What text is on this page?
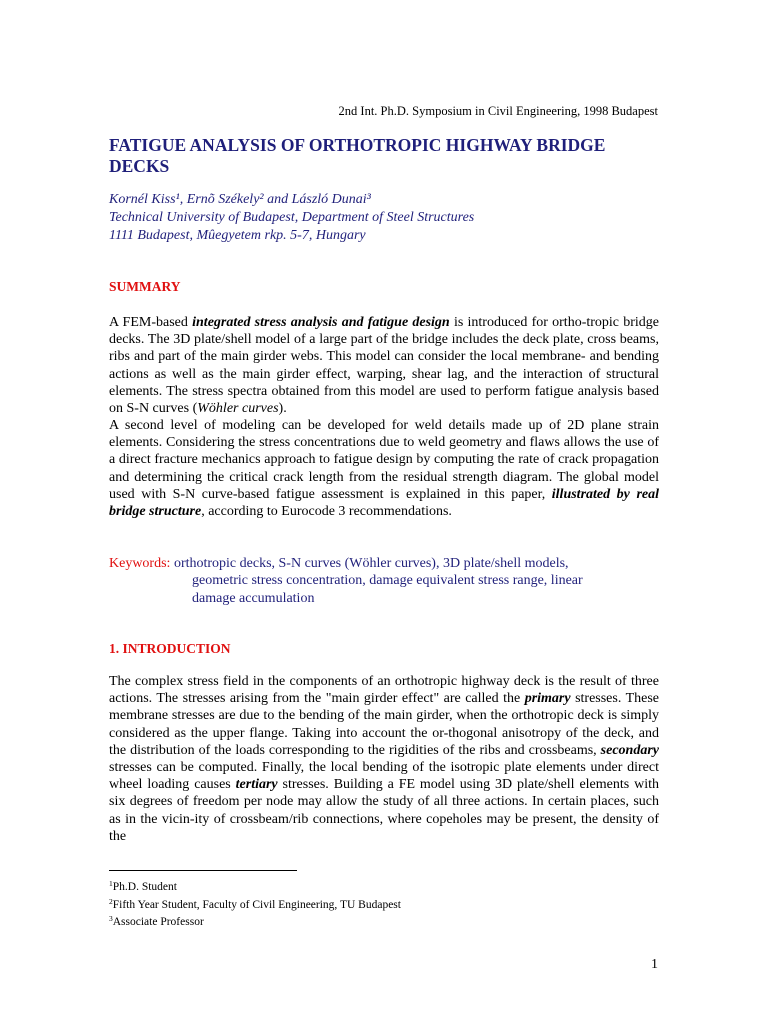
2nd Int. Ph.D. Symposium in Civil Engineering, 1998 Budapest
FATIGUE ANALYSIS OF ORTHOTROPIC HIGHWAY BRIDGE DECKS
Kornél Kiss¹, Ernõ Székely² and László Dunai³
Technical University of Budapest, Department of Steel Structures
1111 Budapest, Mûegyetem rkp. 5-7, Hungary
SUMMARY

A FEM-based integrated stress analysis and fatigue design is introduced for ortho-tropic bridge decks. The 3D plate/shell model of a large part of the bridge includes the deck plate, cross beams, ribs and part of the main girder webs. This model can consider the local membrane- and bending actions as well as the main girder effect, warping, shear lag, and the interaction of structural elements. The stress spectra obtained from this model are used to perform fatigue analysis based on S-N curves (Wöhler curves).

A second level of modeling can be developed for weld details made up of 2D plane strain elements. Considering the stress concentrations due to weld geometry and flaws allows the use of a direct fracture mechanics approach to fatigue design by computing the rate of crack propagation and determining the critical crack length from the residual strength diagram. The global model used with S-N curve-based fatigue assessment is explained in this paper, illustrated by real bridge structure, according to Eurocode 3 recommendations.

Keywords: orthotropic decks, S-N curves (Wöhler curves), 3D plate/shell models,
geometric stress concentration, damage equivalent stress range, linear
damage accumulation
1. INTRODUCTION

The complex stress field in the components of an orthotropic highway deck is the result of three actions. The stresses arising from the "main girder effect" are called the primary stresses. These membrane stresses are due to the bending of the main girder, when the orthotropic deck is simply considered as the upper flange. Taking into account the or-thogonal anisotropy of the deck, and the distribution of the loads corresponding to the rigidities of the ribs and crossbeams, secondary stresses can be computed. Finally, the local bending of the isotropic plate elements under direct wheel loading causes tertiary stresses. Building a FE model using 3D plate/shell elements with six degrees of freedom per node may allow the study of all three actions. In certain places, such as in the vicin-ity of crossbeam/rib connections, where copeholes may be present, the density of the

$^1$Ph.D. Student
$^2$Fifth Year Student, Faculty of Civil Engineering, TU Budapest
$^3$Associate Professor
1
